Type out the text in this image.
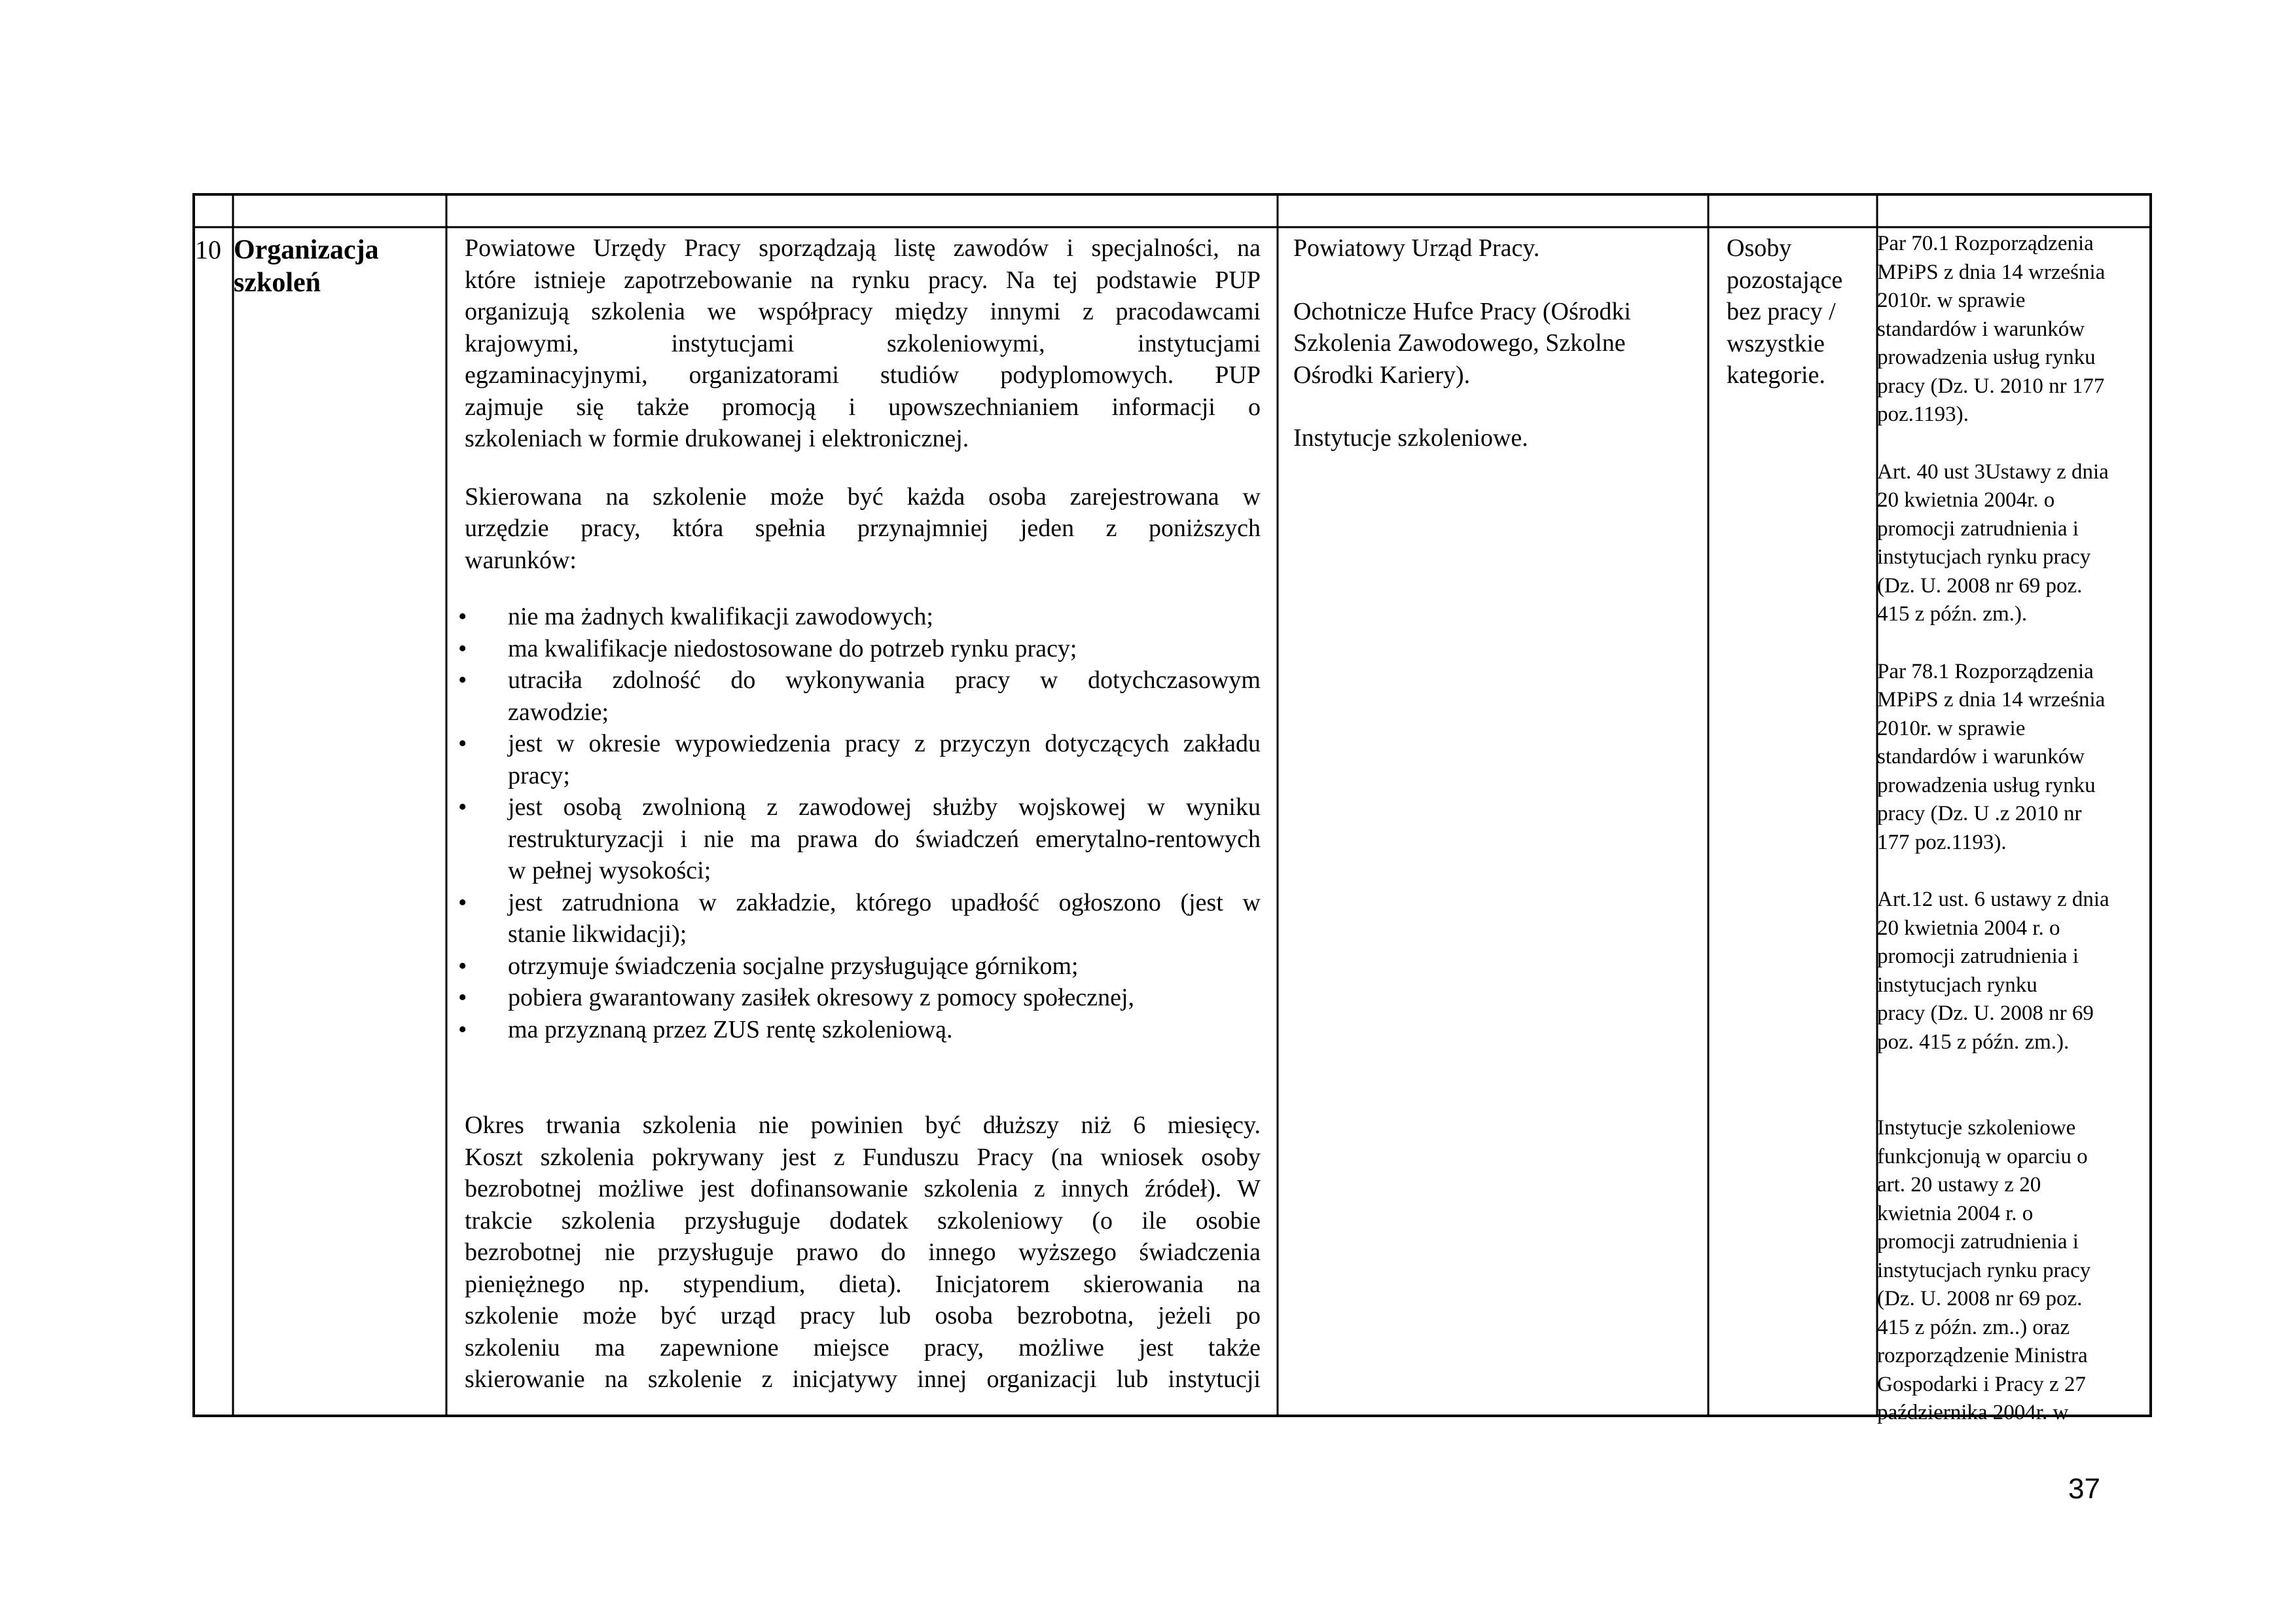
10 Organizacja
szkoleń

Powiatowe Urzędy Pracy sporządzają listę zawodów i specjalności, na

które istnieje zapotrzebowanie na rynku pracy. Na tej podstawie PUP

organizują szkolenia we współpracy między innymi z pracodawcami

krajowymi, instytucjami szkoleniowymi, instytucjami

egzaminacyjnymi, organizatorami studiów podyplomowych. PUP

zajmuje się także promocją i upowszechnianiem informacji o

szkoleniach w formie drukowanej i elektronicznej.

Skierowana na szkolenie może być każda osoba zarejestrowana w

urzędzie pracy, która spełnia przynajmniej jeden z poniższych

warunków:

• nie ma żadnych kwalifikacji zawodowych;

• ma kwalifikacje niedostosowane do potrzeb rynku pracy;

• utraciła zdolność do wykonywania pracy w dotychczasowym

zawodzie;

• jest w okresie wypowiedzenia pracy z przyczyn dotyczących zakładu

pracy;

• jest osobą zwolnioną z zawodowej służby wojskowej w wyniku

restrukturyzacji i nie ma prawa do świadczeń emerytalno-rentowych

w pełnej wysokości;

• jest zatrudniona w zakładzie, którego upadłość ogłoszono (jest w

stanie likwidacji);

• otrzymuje świadczenia socjalne przysługujące górnikom;

• pobiera gwarantowany zasiłek okresowy z pomocy społecznej,

• ma przyznaną przez ZUS rentę szkoleniową.

Okres trwania szkolenia nie powinien być dłuższy niż 6 miesięcy.

Koszt szkolenia pokrywany jest z Funduszu Pracy (na wniosek osoby

bezrobotnej możliwe jest dofinansowanie szkolenia z innych źródeł). W

trakcie szkolenia przysługuje dodatek szkoleniowy (o ile osobie

bezrobotnej nie przysługuje prawo do innego wyższego świadczenia

pieniężnego np. stypendium, dieta). Inicjatorem skierowania na

szkolenie może być urząd pracy lub osoba bezrobotna, jeżeli po

szkoleniu ma zapewnione miejsce pracy, możliwe jest także

skierowanie na szkolenie z inicjatywy innej organizacji lub instytucji

Powiatowy Urząd Pracy.

Ochotnicze Hufce Pracy (Ośrodki

Szkolenia Zawodowego, Szkolne

Ośrodki Kariery).

Instytucje szkoleniowe.

Osoby

pozostające

bez pracy /

wszystkie

kategorie.

Par 70.1 Rozporządzenia

MPiPS z dnia 14 września

2010r. w sprawie

standardów i warunków

prowadzenia usług rynku

pracy (Dz. U. 2010 nr 177

poz.1193).

Art. 40 ust 3Ustawy z dnia

20 kwietnia 2004r. o

promocji zatrudnienia i

instytucjach rynku pracy

(Dz. U. 2008 nr 69 poz.

415 z późn. zm.).

Par 78.1 Rozporządzenia

MPiPS z dnia 14 września

2010r. w sprawie

standardów i warunków

prowadzenia usług rynku

pracy (Dz. U .z 2010 nr

177 poz.1193).

Art.12 ust. 6 ustawy z dnia

20 kwietnia 2004 r. o

promocji zatrudnienia i

instytucjach rynku

pracy (Dz. U. 2008 nr 69

poz. 415 z późn. zm.).

Instytucje szkoleniowe

funkcjonują w oparciu o

art. 20 ustawy z 20

kwietnia 2004 r. o

promocji zatrudnienia i

instytucjach rynku pracy

(Dz. U. 2008 nr 69 poz.

415 z późn. zm..) oraz

rozporządzenie Ministra

Gospodarki i Pracy z 27

października 2004r. w

37
